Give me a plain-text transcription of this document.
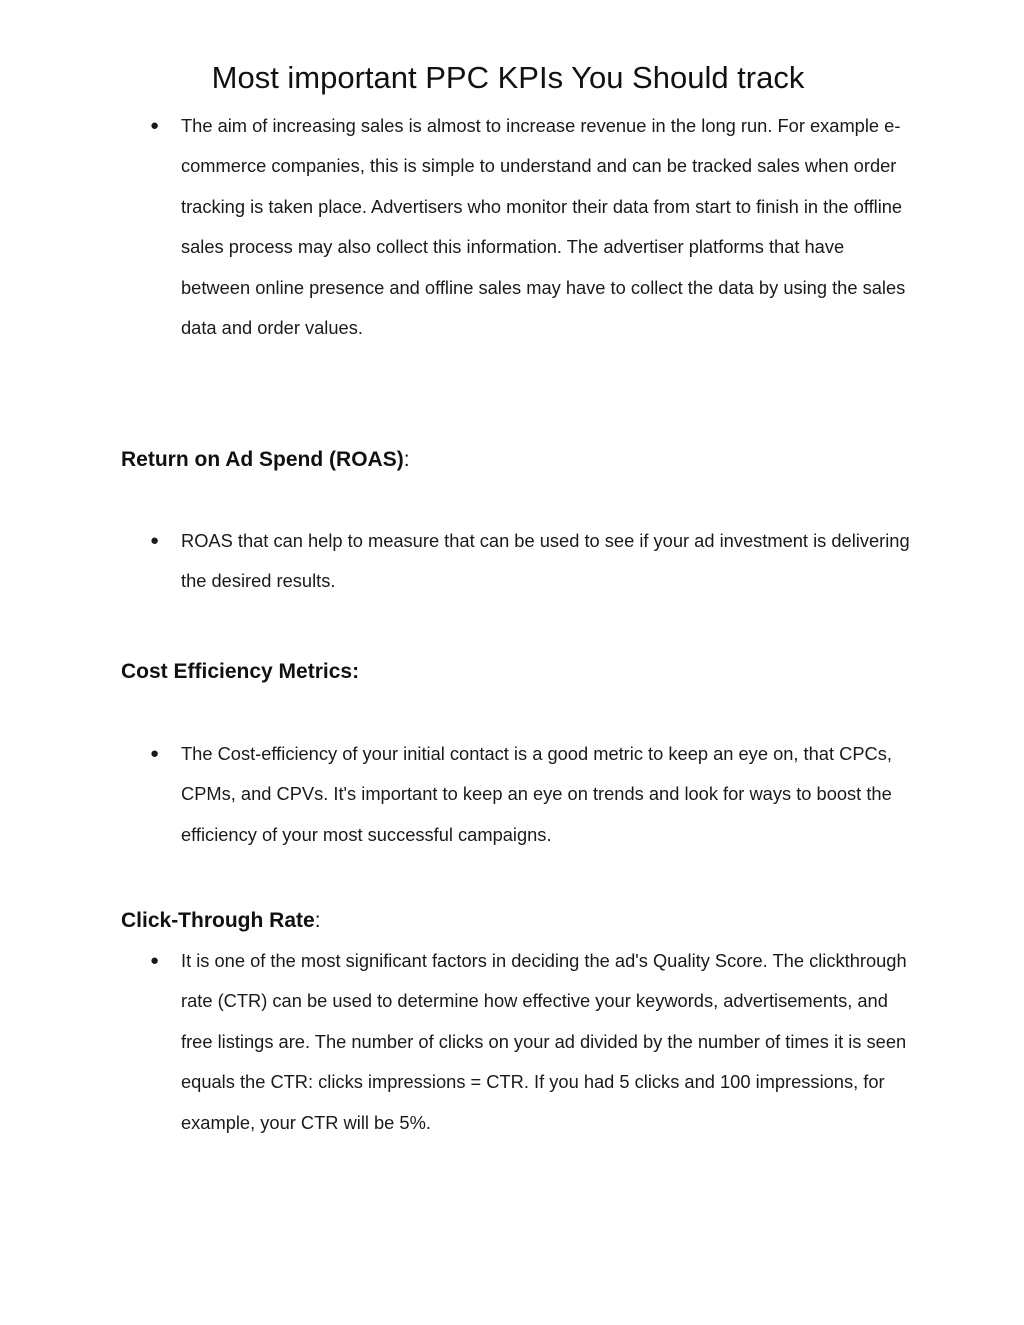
Most important PPC KPIs You Should track
● The aim of increasing sales is almost to increase revenue in the long run. For example e-commerce companies, this is simple to understand and can be tracked sales when order tracking is taken place. Advertisers who monitor their data from start to finish in the offline sales process may also collect this information. The advertiser platforms that have between online presence and offline sales may have to collect the data by using the sales data and order values.
Return on Ad Spend (ROAS):
● ROAS that can help to measure that can be used to see if your ad investment is delivering the desired results.
Cost Efficiency Metrics:
● The Cost-efficiency of your initial contact is a good metric to keep an eye on, that CPCs, CPMs, and CPVs. It's important to keep an eye on trends and look for ways to boost the efficiency of your most successful campaigns.
Click-Through Rate:
● It is one of the most significant factors in deciding the ad's Quality Score. The clickthrough rate (CTR) can be used to determine how effective your keywords, advertisements, and free listings are. The number of clicks on your ad divided by the number of times it is seen equals the CTR: clicks impressions = CTR. If you had 5 clicks and 100 impressions, for example, your CTR will be 5%.
